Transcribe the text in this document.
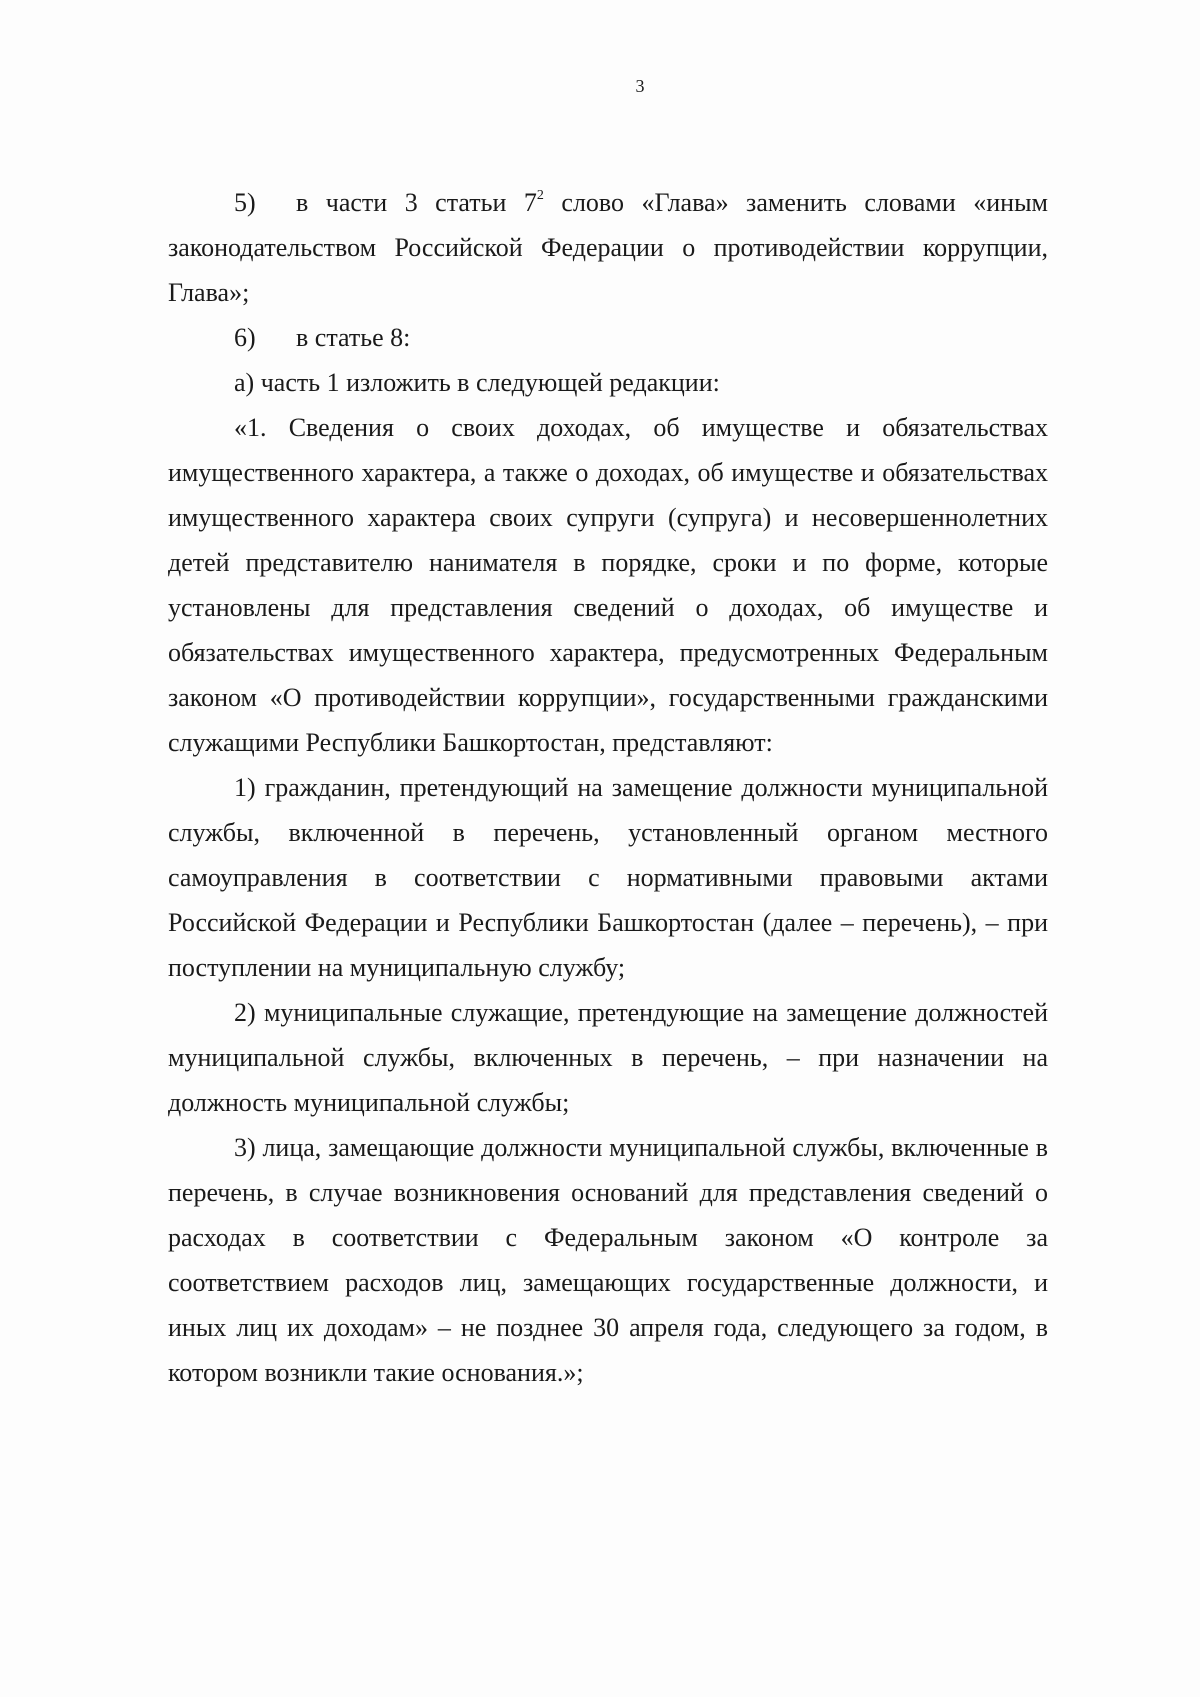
3

5) в части 3 статьи $7^2$ слово «Глава» заменить словами «иным законодательством Российской Федерации о противодействии коррупции, Глава»;

6) в статье 8:

а) часть 1 изложить в следующей редакции:

«1. Сведения о своих доходах, об имуществе и обязательствах имущественного характера, а также о доходах, об имуществе и обязательствах имущественного характера своих супруги (супруга) и несовершеннолетних детей представителю нанимателя в порядке, сроки и по форме, которые установлены для представления сведений о доходах, об имуществе и обязательствах имущественного характера, предусмотренных Федеральным законом «О противодействии коррупции», государственными гражданскими служащими Республики Башкортостан, представляют:

1) гражданин, претендующий на замещение должности муниципальной службы, включенной в перечень, установленный органом местного самоуправления в соответствии с нормативными правовыми актами Российской Федерации и Республики Башкортостан (далее – перечень), – при поступлении на муниципальную службу;

2) муниципальные служащие, претендующие на замещение должностей муниципальной службы, включенных в перечень, – при назначении на должность муниципальной службы;

3) лица, замещающие должности муниципальной службы, включенные в перечень, в случае возникновения оснований для представления сведений о расходах в соответствии с Федеральным законом «О контроле за соответствием расходов лиц, замещающих государственные должности, и иных лиц их доходам» – не позднее 30 апреля года, следующего за годом, в котором возникли такие основания.»;
